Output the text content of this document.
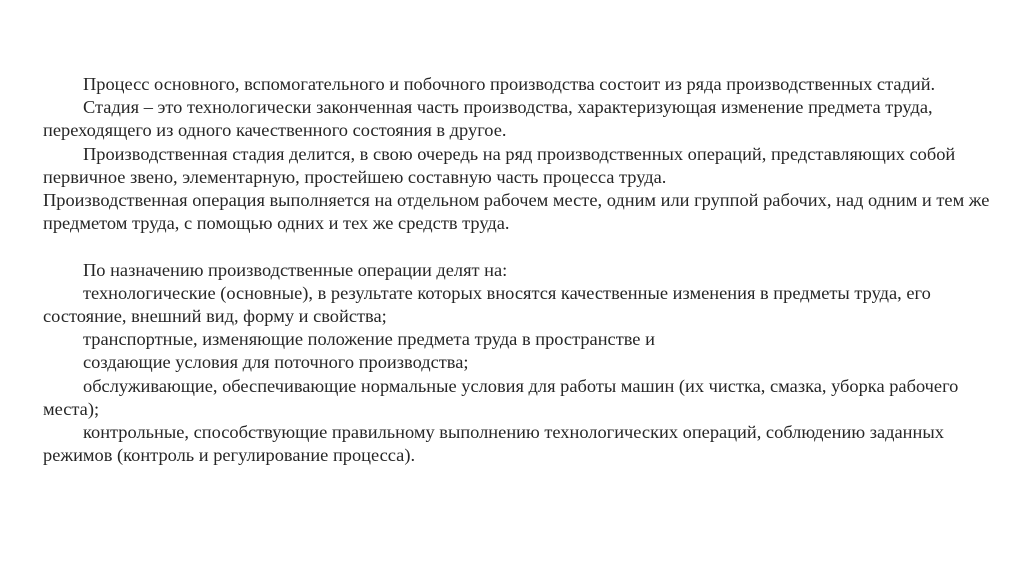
Процесс основного, вспомогательного и побочного производства состоит из ряда производственных стадий.

Стадия – это технологически законченная часть производства, характеризующая изменение предмета труда, переходящего из одного качественного состояния в другое.

Производственная стадия делится, в свою очередь на ряд производственных операций, представляющих собой первичное звено, элементарную, простейшею составную часть процесса труда.
Производственная операция выполняется на отдельном рабочем месте, одним или группой рабочих, над одним и тем же предметом труда, с помощью одних и тех же средств труда.

По назначению производственные операции делят на:

технологические (основные), в результате которых вносятся качественные изменения в предметы труда, его состояние, внешний вид, форму и свойства;

транспортные, изменяющие положение предмета труда в пространстве и

создающие условия для поточного производства;

обслуживающие, обеспечивающие нормальные условия для работы машин (их чистка, смазка, уборка рабочего места);

контрольные, способствующие правильному выполнению технологических операций, соблюдению заданных режимов (контроль и регулирование процесса).
